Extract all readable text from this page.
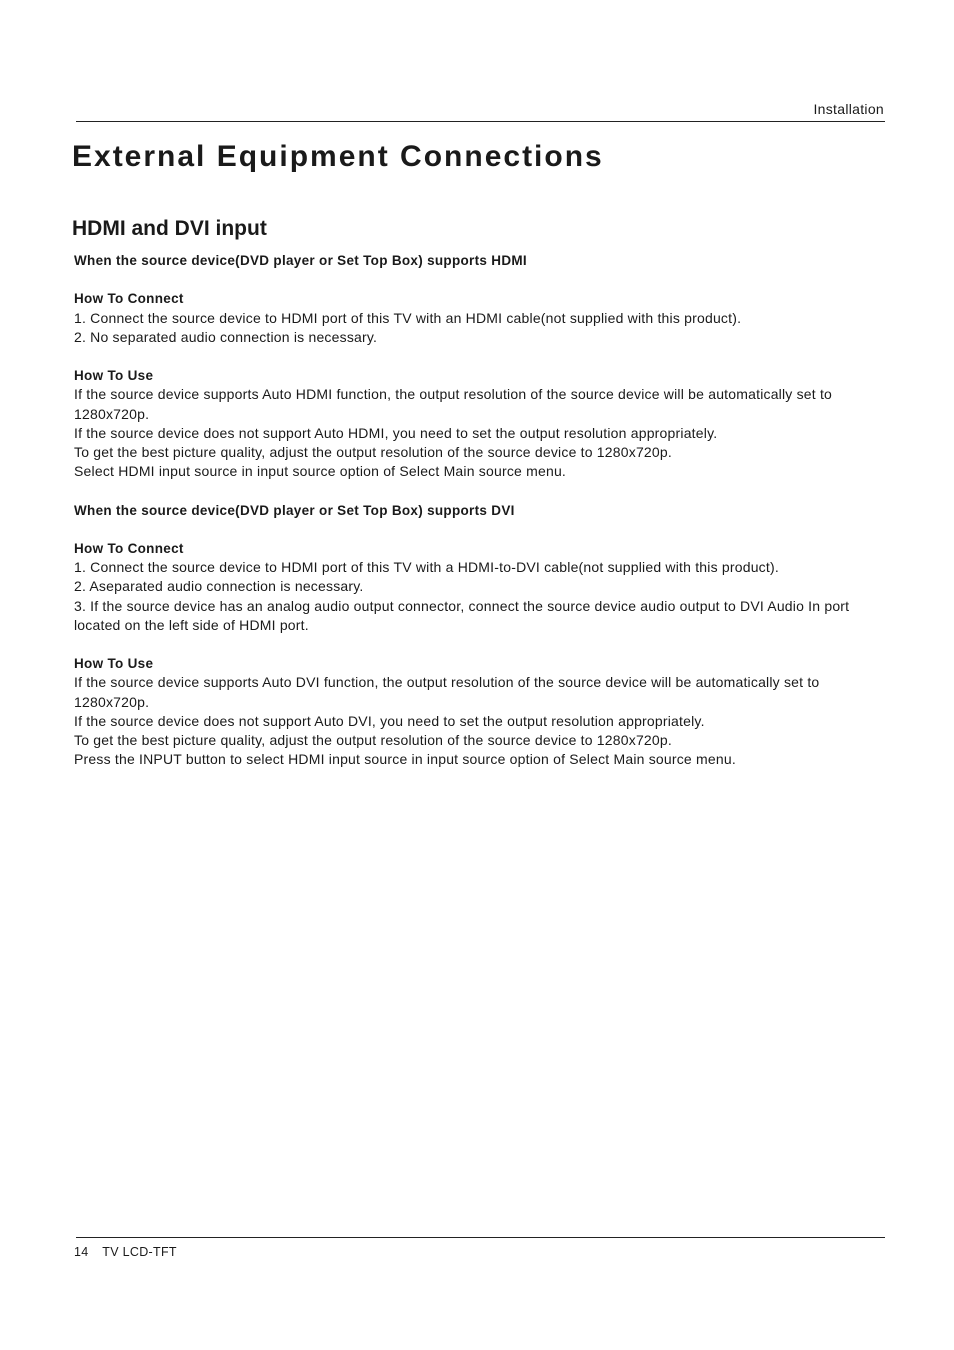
Installation
External Equipment Connections
HDMI and DVI input

When the source device(DVD player or Set Top Box) supports HDMI

How To Connect

1. Connect the source device to HDMI port of this TV with an HDMI cable(not supplied with this product).

2. No separated audio connection is necessary.

How To Use

If the source device supports Auto HDMI function, the output resolution of the source device will be automatically set to 1280x720p.

If the source device does not support Auto HDMI, you need to set the output resolution appropriately.

To get the best picture quality, adjust the output resolution of the source device to 1280x720p.

Select HDMI input source in input source option of Select Main source menu.

When the source device(DVD player or Set Top Box) supports DVI

How To Connect

1. Connect the source device to HDMI port of this TV with a HDMI-to-DVI cable(not supplied with this product).

2. Aseparated audio connection is necessary.

3. If the source device has an analog audio output connector, connect the source device audio output to DVI Audio In port located on the left side of HDMI port.

How To Use

If the source device supports Auto DVI function, the output resolution of the source device will be automatically set to 1280x720p.

If the source device does not support Auto DVI, you need to set the output resolution appropriately.

To get the best picture quality, adjust the output resolution of the source device to 1280x720p.

Press the INPUT button to select HDMI input source in input source option of Select Main source menu.

14 TV LCD-TFT
